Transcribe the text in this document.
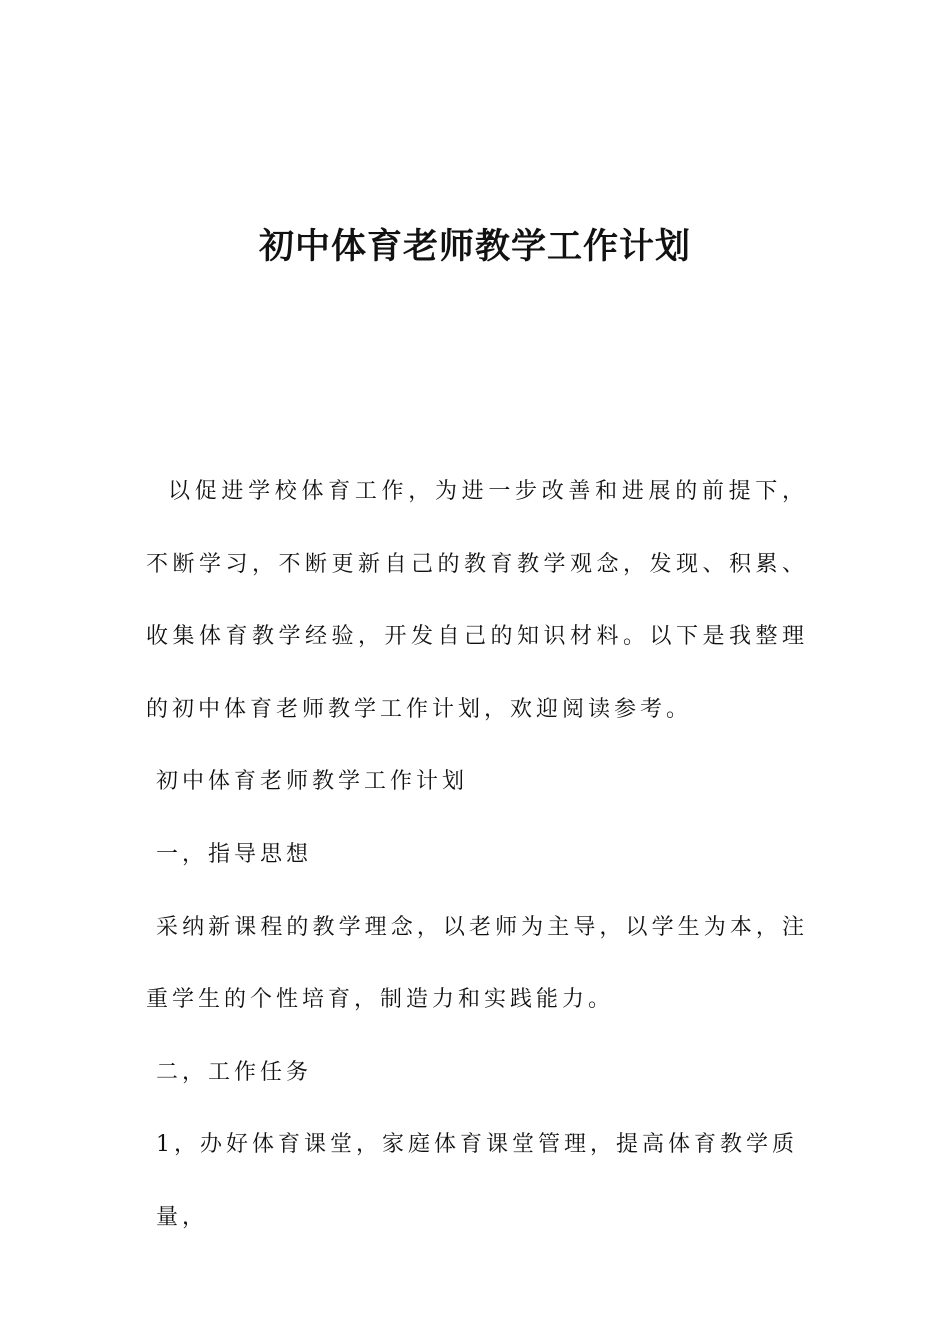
初中体育老师教学工作计划

以促进学校体育工作，为进一步改善和进展的前提下，不断学习，不断更新自己的教育教学观念，发现、积累、收集体育教学经验，开发自己的知识材料。以下是我整理的初中体育老师教学工作计划，欢迎阅读参考。

初中体育老师教学工作计划

一，指导思想

采纳新课程的教学理念，以老师为主导，以学生为本，注重学生的个性培育，制造力和实践能力。

二，工作任务

1，办好体育课堂，家庭体育课堂管理，提高体育教学质量，
